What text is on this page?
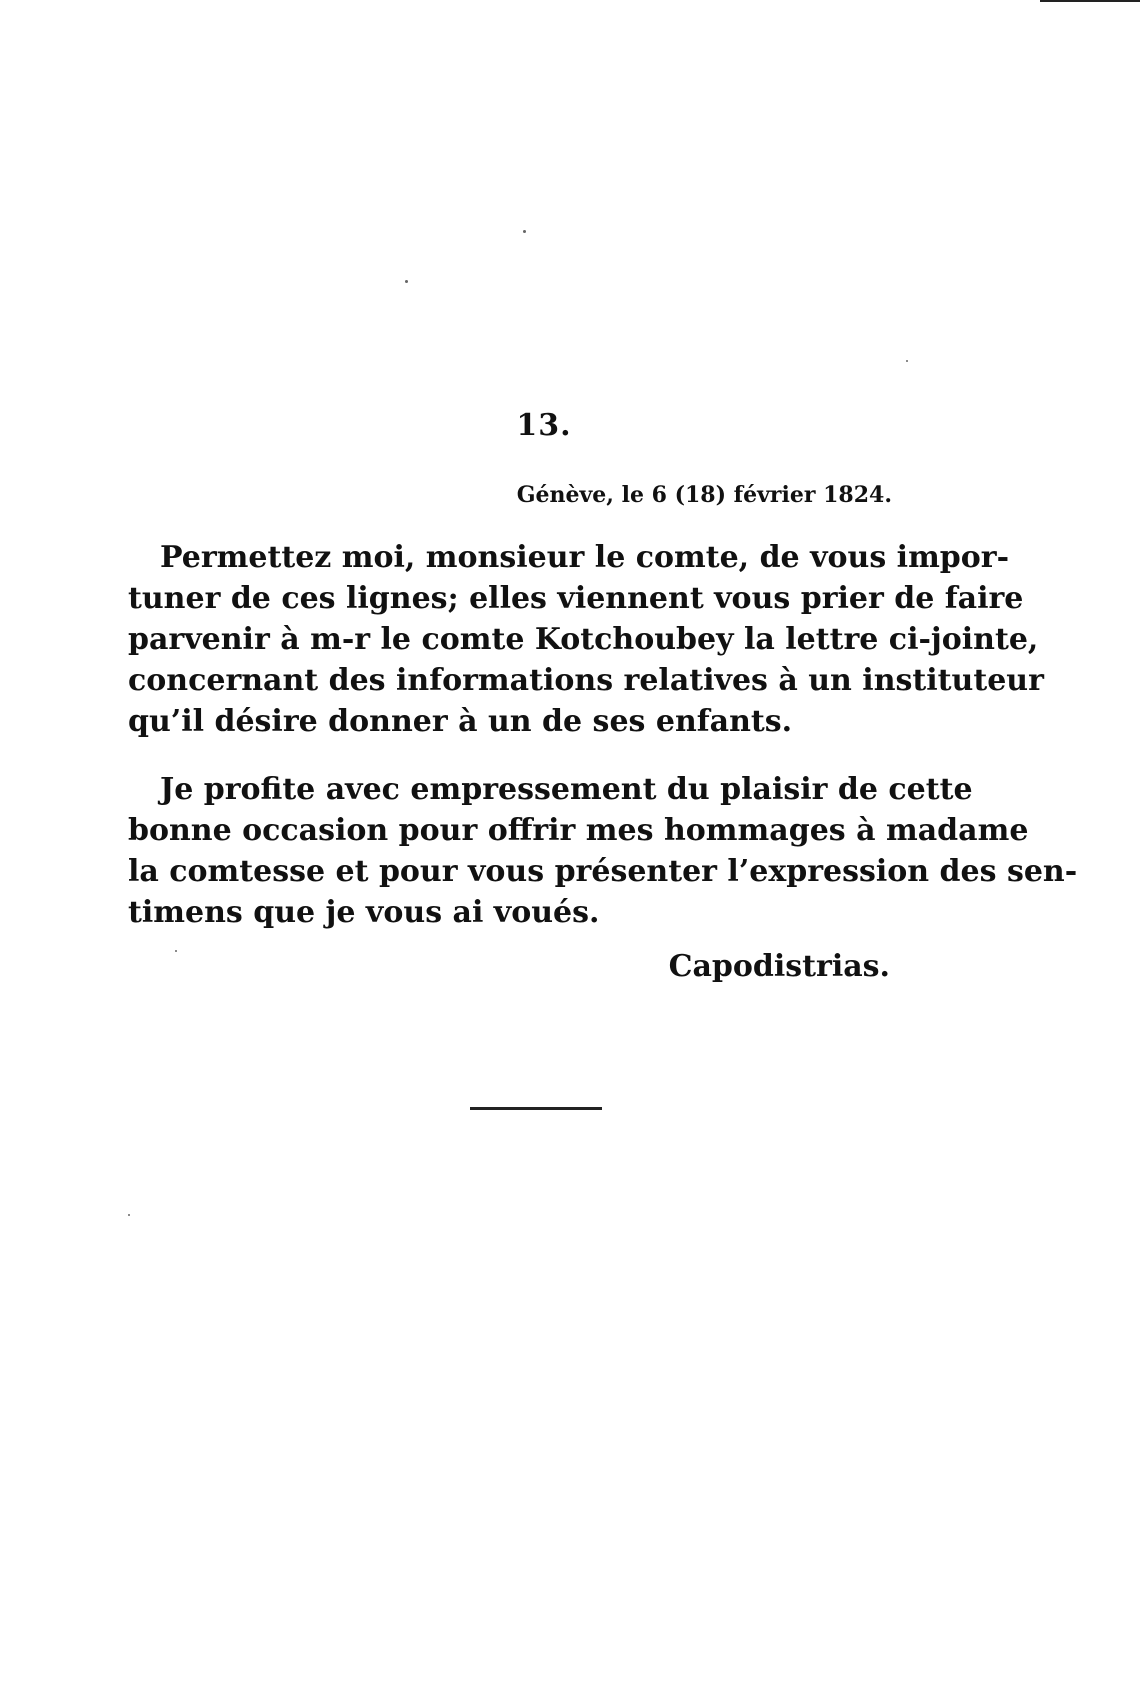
13.
Génève, le 6 (18) février 1824.

Permettez moi, monsieur le comte, de vous impor-
tuner de ces lignes; elles viennent vous prier de faire
parvenir à m-r le comte Kotchoubey la lettre ci-jointe,
concernant des informations relatives à un instituteur
qu’il désire donner à un de ses enfants.

Je profite avec empressement du plaisir de cette
bonne occasion pour offrir mes hommages à madame
la comtesse et pour vous présenter l’expression des sen-
timens que je vous ai voués.

Capodistrias.
